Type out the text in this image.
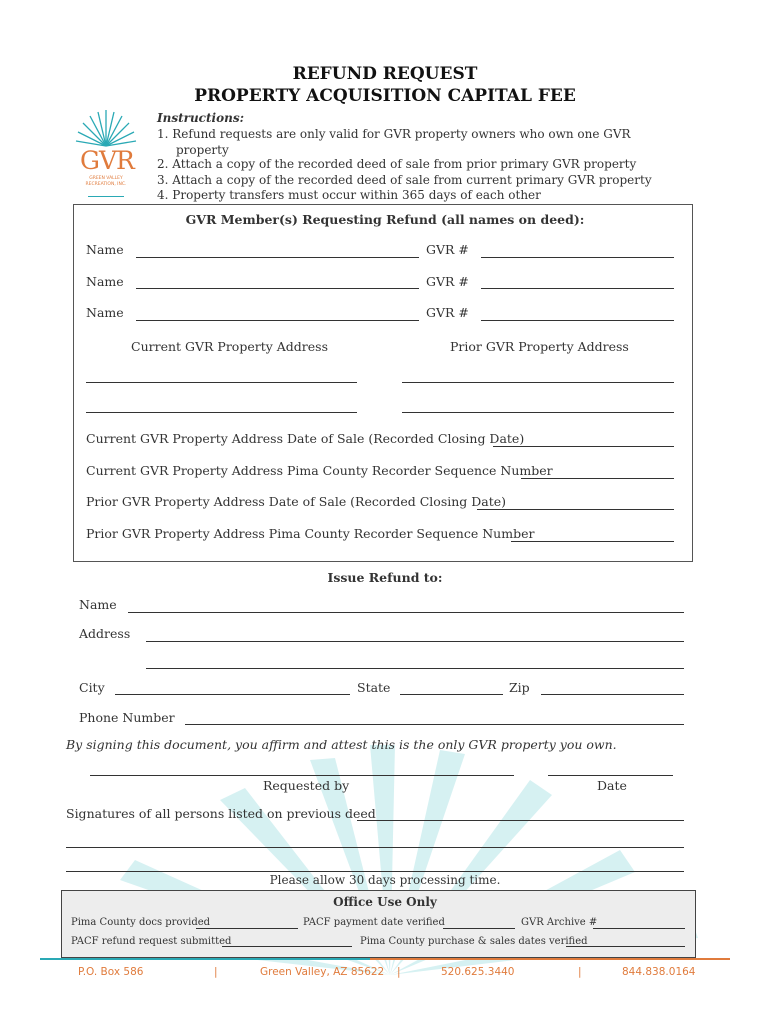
GVR
GREEN VALLEY RECREATION, INC.
REFUND REQUEST
PROPERTY ACQUISITION CAPITAL FEE
Instructions:
1. Refund requests are only valid for GVR property owners who own one GVR
property
2. Attach a copy of the recorded deed of sale from prior primary GVR property
3. Attach a copy of the recorded deed of sale from current primary GVR property
4. Property transfers must occur within 365 days of each other
GVR Member(s) Requesting Refund (all names on deed):
Name	GVR #
Name	GVR #
Name	GVR #
Current GVR Property Address	Prior GVR Property Address
Current GVR Property Address Date of Sale (Recorded Closing Date)
Current GVR Property Address Pima County Recorder Sequence Number
Prior GVR Property Address Date of Sale (Recorded Closing Date)
Prior GVR Property Address Pima County Recorder Sequence Number
Issue Refund to:
Name
Address
City	State	Zip
Phone Number
By signing this document, you affirm and attest this is the only GVR property you own.
Requested by	Date
Signatures of all persons listed on previous deed
Please allow 30 days processing time.
Office Use Only
Pima County docs provided	PACF payment date verified	GVR Archive #
PACF refund request submitted	Pima County purchase & sales dates verified
P.O. Box 586	|	Green Valley, AZ 85622 |	520.625.3440	|	844.838.0164
